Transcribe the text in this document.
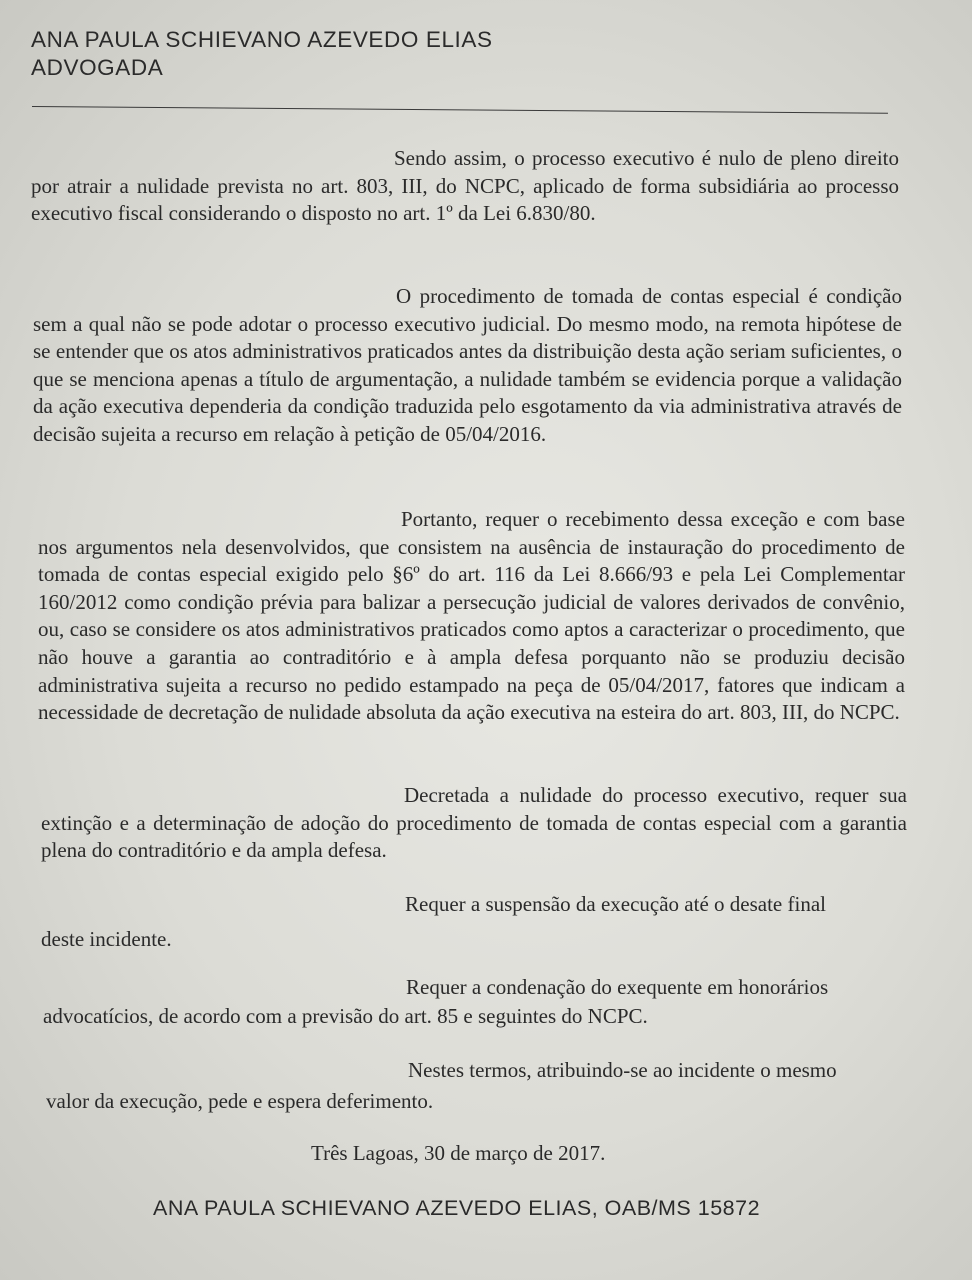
ANA PAULA SCHIEVANO AZEVEDO ELIAS
ADVOGADA
Sendo assim, o processo executivo é nulo de pleno direito por atrair a nulidade prevista no art. 803, III, do NCPC, aplicado de forma subsidiária ao processo executivo fiscal considerando o disposto no art. 1º da Lei 6.830/80.
O procedimento de tomada de contas especial é condição sem a qual não se pode adotar o processo executivo judicial. Do mesmo modo, na remota hipótese de se entender que os atos administrativos praticados antes da distribuição desta ação seriam suficientes, o que se menciona apenas a título de argumentação, a nulidade também se evidencia porque a validação da ação executiva dependeria da condição traduzida pelo esgotamento da via administrativa através de decisão sujeita a recurso em relação à petição de 05/04/2016.
Portanto, requer o recebimento dessa exceção e com base nos argumentos nela desenvolvidos, que consistem na ausência de instauração do procedimento de tomada de contas especial exigido pelo §6º do art. 116 da Lei 8.666/93 e pela Lei Complementar 160/2012 como condição prévia para balizar a persecução judicial de valores derivados de convênio, ou, caso se considere os atos administrativos praticados como aptos a caracterizar o procedimento, que não houve a garantia ao contraditório e à ampla defesa porquanto não se produziu decisão administrativa sujeita a recurso no pedido estampado na peça de 05/04/2017, fatores que indicam a necessidade de decretação de nulidade absoluta da ação executiva na esteira do art. 803, III, do NCPC.
Decretada a nulidade do processo executivo, requer sua extinção e a determinação de adoção do procedimento de tomada de contas especial com a garantia plena do contraditório e da ampla defesa.
Requer a suspensão da execução até o desate final
deste incidente.
Requer a condenação do exequente em honorários
advocatícios, de acordo com a previsão do art. 85 e seguintes do NCPC.
Nestes termos, atribuindo-se ao incidente o mesmo
valor da execução, pede e espera deferimento.
Três Lagoas, 30 de março de 2017.
ANA PAULA SCHIEVANO AZEVEDO ELIAS, OAB/MS 15872
